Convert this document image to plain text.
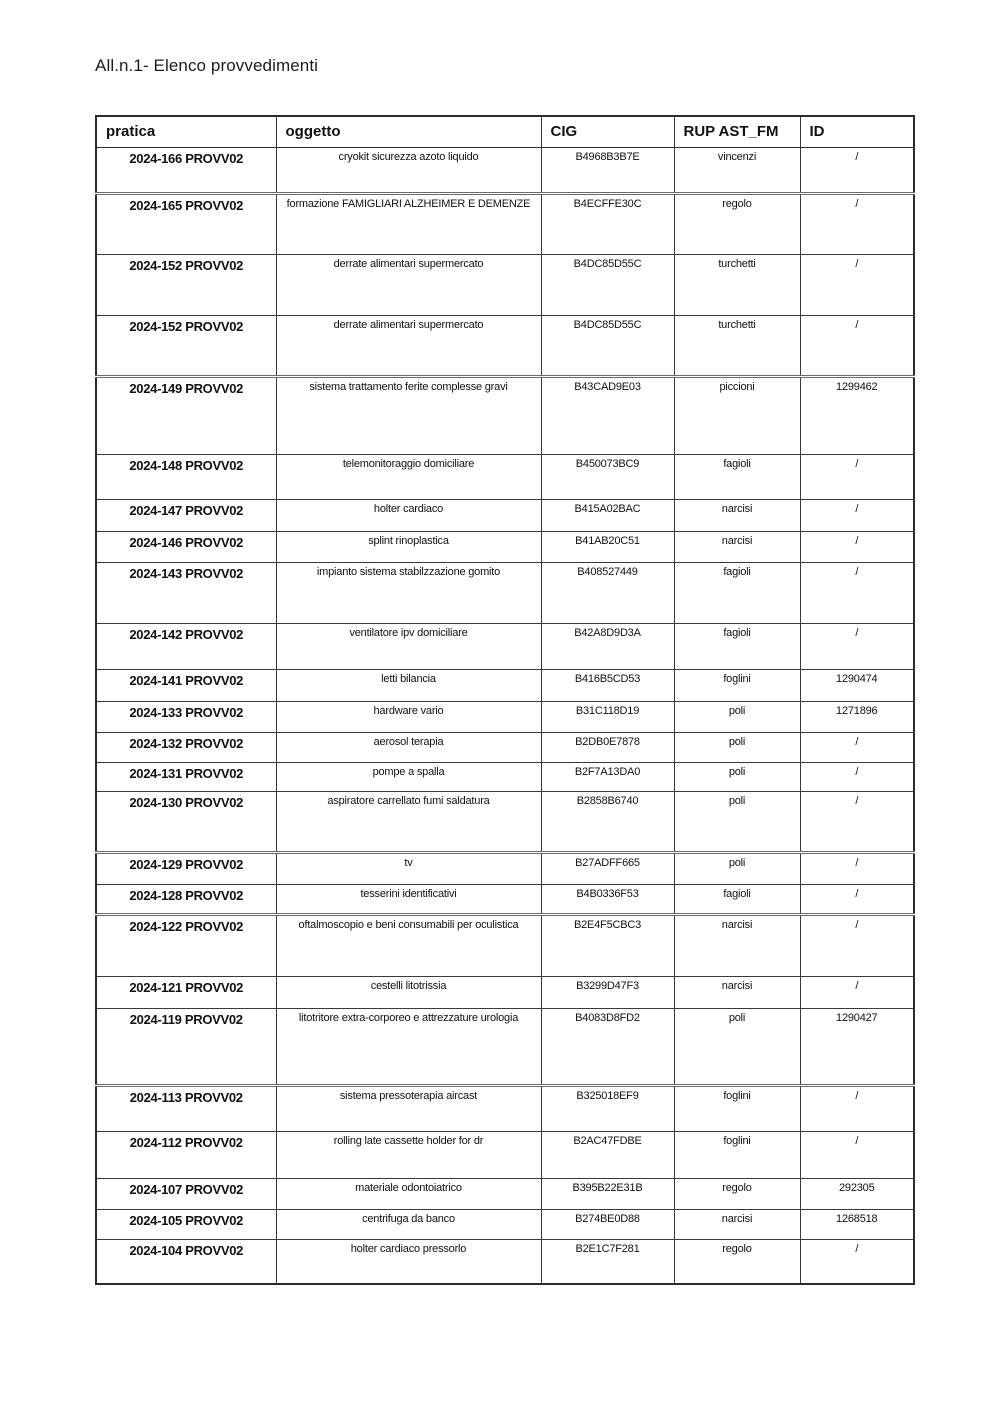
All.n.1- Elenco provvedimenti
pratica	oggetto	CIG	RUP AST_FM	ID
2024-166 PROVV02	cryokit sicurezza azoto liquido	B4968B3B7E	vincenzi	/
2024-165 PROVV02	formazione FAMIGLIARI ALZHEIMER E DEMENZE	B4ECFFE30C	regolo	/
2024-152 PROVV02	derrate alimentari supermercato	B4DC85D55C	turchetti	/
2024-152 PROVV02	derrate alimentari supermercato	B4DC85D55C	turchetti	/
2024-149 PROVV02	sistema trattamento ferite complesse gravi	B43CAD9E03	piccioni	1299462
2024-148 PROVV02	telemonitoraggio domiciliare	B450073BC9	fagioli	/
2024-147 PROVV02	holter cardiaco	B415A02BAC	narcisi	/
2024-146 PROVV02	splint rinoplastica	B41AB20C51	narcisi	/
2024-143 PROVV02	impianto sistema stabilzzazione gomito	B408527449	fagioli	/
2024-142 PROVV02	ventilatore ipv domiciliare	B42A8D9D3A	fagioli	/
2024-141 PROVV02	letti bilancia	B416B5CD53	foglini	1290474
2024-133 PROVV02	hardware vario	B31C118D19	poli	1271896
2024-132 PROVV02	aerosol terapia	B2DB0E7878	poli	/
2024-131 PROVV02	pompe a spalla	B2F7A13DA0	poli	/
2024-130 PROVV02	aspiratore carrellato fumi saldatura	B2858B6740	poli	/
2024-129 PROVV02	tv	B27ADFF665	poli	/
2024-128 PROVV02	tesserini identificativi	B4B0336F53	fagioli	/
2024-122 PROVV02	oftalmoscopio e beni consumabili per oculistica	B2E4F5CBC3	narcisi	/
2024-121 PROVV02	cestelli litotrissia	B3299D47F3	narcisi	/
2024-119 PROVV02	litotritore extra-corporeo e attrezzature urologia	B4083D8FD2	poli	1290427
2024-113 PROVV02	sistema pressoterapia aircast	B325018EF9	foglini	/
2024-112 PROVV02	rolling late cassette holder for dr	B2AC47FDBE	foglini	/
2024-107 PROVV02	materiale odontoiatrico	B395B22E31B	regolo	292305
2024-105 PROVV02	centrifuga da banco	B274BE0D88	narcisi	1268518
2024-104 PROVV02	holter cardiaco pressorlo	B2E1C7F281	regolo	/
